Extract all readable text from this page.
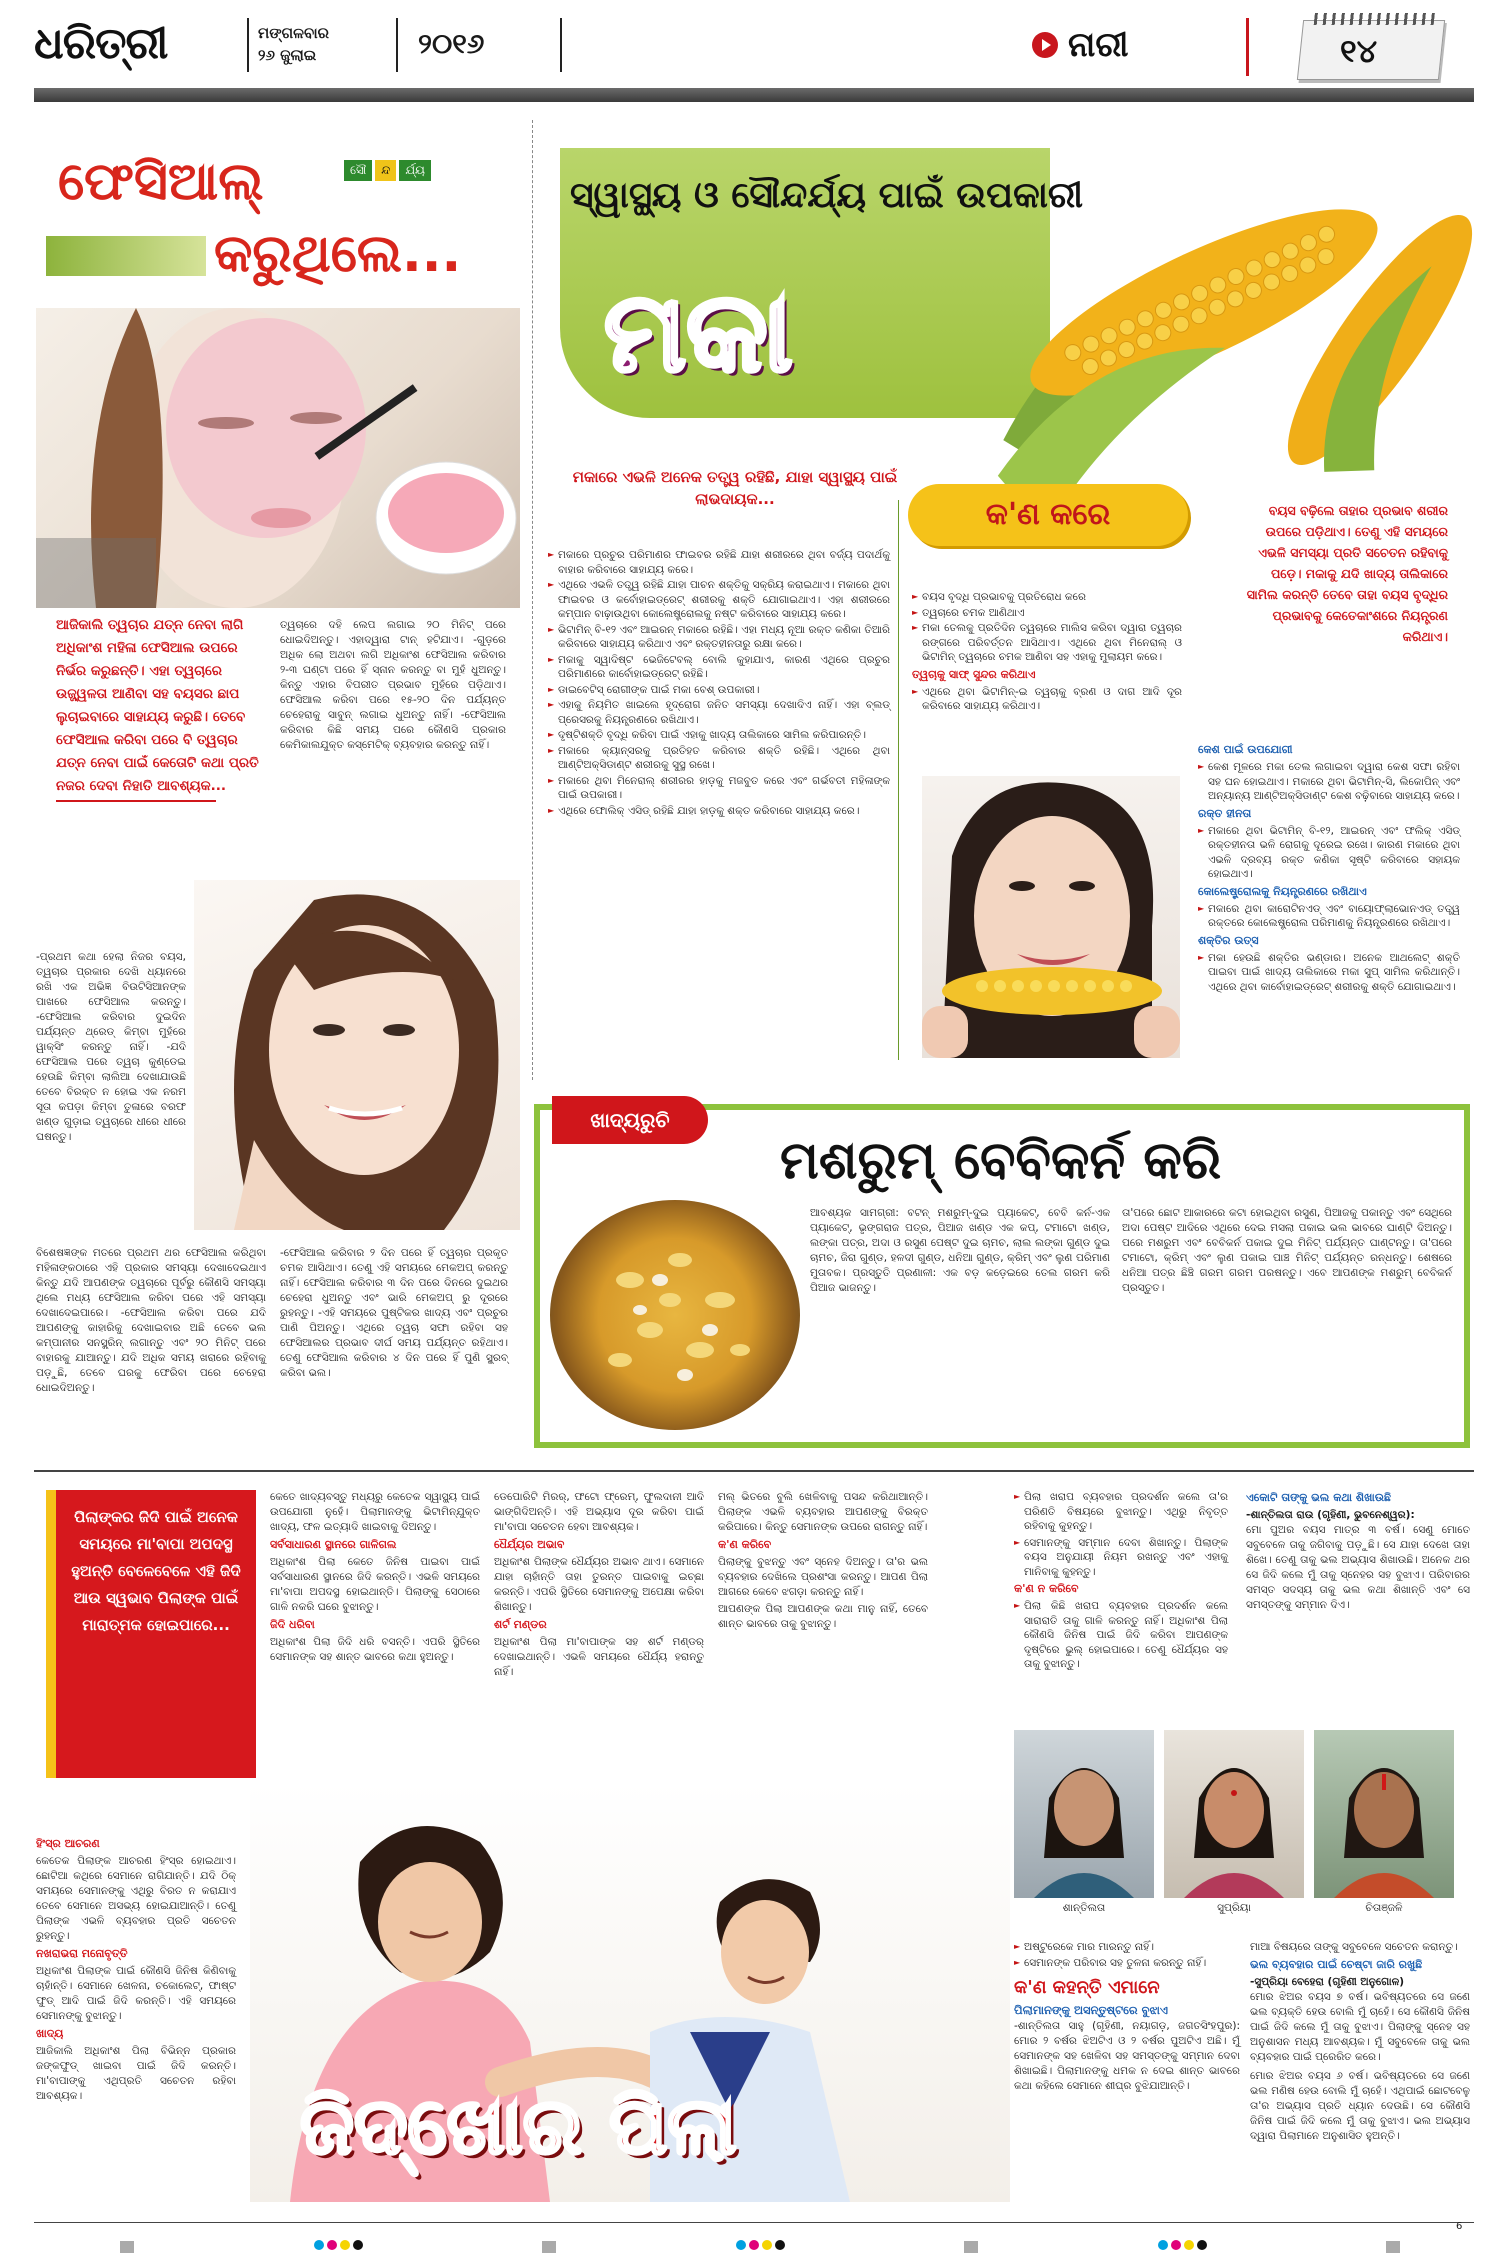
ଧରିତ୍ରୀ	ମଙ୍ଗଳବାର
୨୬ ଜୁଲାଇ	୨୦୧୬	ନାରୀ	୧୪
ଫେସିଆଲ୍	ସୌ	ନ୍ଦ	ର୍ଯ୍ୟ
କରୁଥିଲେ...

ଆଜିକାଲି ତ୍ୱଚାର ଯତ୍ନ ନେବା ଲାଗି ଅଧିକାଂଶ ମହିଳା ଫେସିଆଲ ଉପରେ ନିର୍ଭର କରୁଛନ୍ତି। ଏହା ତ୍ୱଚାରେ ଉଜ୍ଜ୍ୱଳତା ଆଣିବା ସହ ବୟସର ଛାପ ଲୁଚାଇବାରେ ସାହାଯ୍ୟ କରୁଛି। ତେବେ ଫେସିଆଲ କରିବା ପରେ ବି ତ୍ୱଚାର ଯତ୍ନ ନେବା ପାଇଁ କେତୋଟି କଥା ପ୍ରତି ନଜର ଦେବା ନିହାତି ଆବଶ୍ୟକ...

ତ୍ୱଚାରେ ଦହି ଲେପ ଲଗାଇ ୨୦ ମିନିଟ୍ ପରେ ଧୋଇଦିଅନ୍ତୁ। ଏହାଦ୍ୱାରା ଟାନ୍ ହଟିଯାଏ। -ଗୁଡ଼ରେ ଅଧିକ ଲୋ ଅଥବା ଲଗି ଅଧିକାଂଶ ଫେସିଆଲ କରିବାର ୨-୩ ଘଣ୍ଟା ପରେ ହିଁ ସ୍ନାନ କରନ୍ତୁ ବା ମୁହଁ ଧୁଅନ୍ତୁ। କିନ୍ତୁ ଏହାର ବିପରୀତ ପ୍ରଭାବ ମୁହଁରେ ପଡ଼ିଥାଏ। ଫେସିଆଲ କରିବା ପରେ ୧୫-୨୦ ଦିନ ପର୍ଯ୍ୟନ୍ତ ଚେହେରାକୁ ସାବୁନ୍ ଲଗାଇ ଧୁଅନ୍ତୁ ନାହିଁ। -ଫେସିଆଲ କରିବାର କିଛି ସମୟ ପରେ କୌଣସି ପ୍ରକାର କେମିକାଲଯୁକ୍ତ କସ୍ମେଟିକ୍ ବ୍ୟବହାର କରନ୍ତୁ ନାହିଁ।

-ପ୍ରଥମ କଥା ହେଲା ନିଜର ବୟସ, ତ୍ୱଚାର ପ୍ରକାର ଦେଖି ଧ୍ୟାନରେ ରଖି ଏକ ଅଭିଜ୍ଞ ବିଉଟିସିଆନଙ୍କ ପାଖରେ ଫେସିଆଲ କରନ୍ତୁ। -ଫେସିଆଲ କରିବାର ଦୁଇଦିନ ପର୍ଯ୍ୟନ୍ତ ଥ୍ରେଡ୍ କିମ୍ବା ମୁହଁରେ ୱାକ୍ସିଂ କରନ୍ତୁ ନାହିଁ। -ଯଦି ଫେସିଆଲ ପରେ ତ୍ୱଚା କୁଣ୍ଡେଇ ହେଉଛି କିମ୍ବା ଲାଲିଆ ଦେଖାଯାଉଛି ତେବେ ବିରକ୍ତ ନ ହୋଇ ଏକ ନରମ ସୂତା କପଡ଼ା କିମ୍ବା ତୁଳାରେ ବରଫ ଖଣ୍ଡ ଗୁଡ଼ାଇ ତ୍ୱଚାରେ ଧୀରେ ଧୀରେ ଘଷନ୍ତୁ।

ବିଶେଷଜ୍ଞଙ୍କ ମତରେ ପ୍ରଥମ ଥର ଫେସିଆଲ କରିଥିବା ମହିଳାଙ୍କଠାରେ ଏହି ପ୍ରକାର ସମସ୍ୟା ଦେଖାଦେଇଥାଏ କିନ୍ତୁ ଯଦି ଆପଣଙ୍କ ତ୍ୱଚାରେ ପୂର୍ବରୁ କୌଣସି ସମସ୍ୟା ଥିଲେ ମଧ୍ୟ ଫେସିଆଲ କରିବା ପରେ ଏହି ସମସ୍ୟା ଦେଖାଦେଇପାରେ। -ଫେସିଆଲ କରିବା ପରେ ଯଦି ଆପଣଙ୍କୁ କାହାରିକୁ ଦେଖାଇବାର ଅଛି ତେବେ ଭଲ କମ୍ପାନୀର ସନସ୍କ୍ରିନ୍ ଲଗାନ୍ତୁ ଏବଂ ୨୦ ମିନିଟ୍ ପରେ ବାହାରକୁ ଯାଆନ୍ତୁ। ଯଦି ଅଧିକ ସମୟ ଖରାରେ ରହିବାକୁ ପଡ଼ୁଛି, ତେବେ ଘରକୁ ଫେରିବା ପରେ ଚେହେରା ଧୋଇଦିଅନ୍ତୁ।

-ଫେସିଆଲ କରିବାର ୨ ଦିନ ପରେ ହିଁ ତ୍ୱଚାର ପ୍ରକୃତ ଚମକ ଆସିଥାଏ। ତେଣୁ ଏହି ସମୟରେ ମେକଅପ୍ କରନ୍ତୁ ନାହିଁ। ଫେସିଆଲ କରିବାର ୩ ଦିନ ପରେ ଦିନରେ ଦୁଇଥର ଚେହେରା ଧୁଅନ୍ତୁ ଏବଂ ଭାରି ମେକଅପ୍ ରୁ ଦୂରରେ ରୁହନ୍ତୁ। -ଏହି ସମୟରେ ପୁଷ୍ଟିକର ଖାଦ୍ୟ ଏବଂ ପ୍ରଚୁର ପାଣି ପିଅନ୍ତୁ। ଏଥିରେ ତ୍ୱଚା ସଫା ରହିବା ସହ ଫେସିଆଲର ପ୍ରଭାବ ଦୀର୍ଘ ସମୟ ପର୍ଯ୍ୟନ୍ତ ରହିଥାଏ। ତେଣୁ ଫେସିଆଲ କରିବାର ୪ ଦିନ ପରେ ହିଁ ପୁଣି ସ୍କ୍ରବ୍ କରିବା ଭଲ।

ସ୍ୱାସ୍ଥ୍ୟ ଓ ସୌନ୍ଦର୍ଯ୍ୟ ପାଇଁ ଉପକାରୀ
ମକା
ମକାରେ ଏଭଳି ଅନେକ ତତ୍ତ୍ୱ ରହିଛି, ଯାହା ସ୍ୱାସ୍ଥ୍ୟ ପାଇଁ ଲାଭଦାୟକ...	କ'ଣ କରେ	ବୟସ ବଢ଼ିଲେ ତାହାର ପ୍ରଭାବ ଶରୀର ଉପରେ ପଡ଼ିଥାଏ। ତେଣୁ ଏହି ସମୟରେ ଏଭଳି ସମସ୍ୟା ପ୍ରତି ସଚେତନ ରହିବାକୁ ପଡ଼େ। ମକାକୁ ଯଦି ଖାଦ୍ୟ ତାଲିକାରେ ସାମିଲ କରନ୍ତି ତେବେ ତାହା ବୟସ ବୃଦ୍ଧିର ପ୍ରଭାବକୁ କେତେକାଂଶରେ ନିୟନ୍ତ୍ରଣ କରିଥାଏ।

► ମକାରେ ପ୍ରଚୁର ପରିମାଣର ଫାଇବର ରହିଛି ଯାହା ଶରୀରରେ ଥିବା ବର୍ଜ୍ୟ ପଦାର୍ଥକୁ ବାହାର କରିବାରେ ସାହାଯ୍ୟ କରେ।

► ଏଥିରେ ଏଭଳି ତତ୍ତ୍ୱ ରହିଛି ଯାହା ପାଚନ ଶକ୍ତିକୁ ସକ୍ରିୟ କରାଇଥାଏ। ମକାରେ ଥିବା ଫାଇବର ଓ କର୍ବୋହାଇଡ୍ରେଟ୍ ଶରୀରକୁ ଶକ୍ତି ଯୋଗାଇଥାଏ। ଏହା ଶରୀରରେ କମ୍ପାନ ବାଢ଼ାଉଥିବା କୋଲେଷ୍ଟ୍ରୋଲକୁ ନଷ୍ଟ କରିବାରେ ସାହାଯ୍ୟ କରେ।

► ଭିଟାମିନ୍ ବି-୧୨ ଏବଂ ଆଇରନ୍ ମକାରେ ରହିଛି। ଏହା ମଧ୍ୟ ନୂଆ ରକ୍ତ କଣିକା ତିଆରି କରିବାରେ ସାହାଯ୍ୟ କରିଥାଏ ଏବଂ ରକ୍ତହୀନତାରୁ ରକ୍ଷା କରେ।

► ମକାକୁ ସ୍ୱାଦିଷ୍ଟ ଭେଜିଟେବଲ୍ ବୋଲି କୁହାଯାଏ, କାରଣ ଏଥିରେ ପ୍ରଚୁର ପରିମାଣରେ କାର୍ବୋହାଇଡ୍ରେଟ୍ ରହିଛି।

► ଡାଇବେଟିସ୍ ରୋଗୀଙ୍କ ପାଇଁ ମକା ବେଶ୍ ଉପକାରୀ।

► ଏହାକୁ ନିୟମିତ ଖାଇଲେ ହୃଦ୍‌ରୋଗ ଜନିତ ସମସ୍ୟା ଦେଖାଦିଏ ନାହିଁ। ଏହା ବ୍ଲଡ୍ ପ୍ରେସରକୁ ନିୟନ୍ତ୍ରଣରେ ରଖିଥାଏ।

► ଦୃଷ୍ଟିଶକ୍ତି ବୃଦ୍ଧି କରିବା ପାଇଁ ଏହାକୁ ଖାଦ୍ୟ ତାଲିକାରେ ସାମିଲ କରିପାରନ୍ତି।

► ମକାରେ କ୍ୟାନ୍ସରକୁ ପ୍ରତିହତ କରିବାର ଶକ୍ତି ରହିଛି। ଏଥିରେ ଥିବା ଆଣ୍ଟିଅକ୍ସିଡାଣ୍ଟ ଶରୀରକୁ ସୁସ୍ଥ ରଖେ।

► ମକାରେ ଥିବା ମିନେରାଲ୍ ଶରୀରର ହାଡ଼କୁ ମଜବୁତ କରେ ଏବଂ ଗର୍ଭବତୀ ମହିଳାଙ୍କ ପାଇଁ ଉପକାରୀ।

► ଏଥିରେ ଫୋଲିକ୍ ଏସିଡ୍ ରହିଛି ଯାହା ହାଡ଼କୁ ଶକ୍ତ କରିବାରେ ସାହାଯ୍ୟ କରେ।

► ବୟସ ବୃଦ୍ଧି ପ୍ରଭାବକୁ ପ୍ରତିରୋଧ କରେ

► ତ୍ୱଚାରେ ଚମକ ଆଣିଥାଏ

► ମକା ତେଲକୁ ପ୍ରତିଦିନ ତ୍ୱଚାରେ ମାଲିସ କରିବା ଦ୍ୱାରା ତ୍ୱଚାର ରଙ୍ଗରେ ପରିବର୍ତ୍ତନ ଆସିଥାଏ। ଏଥିରେ ଥିବା ମିନେରାଲ୍ ଓ ଭିଟାମିନ୍ ତ୍ୱଚାରେ ଚମକ ଆଣିବା ସହ ଏହାକୁ ମୁଲାୟମ କରେ।

ତ୍ୱଚାକୁ ସାଫ୍ ସୁନ୍ଦର କରିଥାଏ

► ଏଥିରେ ଥିବା ଭିଟାମିନ୍-ଇ ତ୍ୱଚାକୁ ବ୍ରଣ ଓ ଦାଗ ଆଦି ଦୂର କରିବାରେ ସାହାଯ୍ୟ କରିଥାଏ।

କେଶ ପାଇଁ ଉପଯୋଗୀ

► କେଶ ମୂଳରେ ମକା ତେଲ ଲଗାଇବା ଦ୍ୱାରା କେଶ ସଫା ରହିବା ସହ ଘନ ହୋଇଥାଏ। ମକାରେ ଥିବା ଭିଟାମିନ୍-ସି, ଲିକୋପିନ୍ ଏବଂ ଅନ୍ୟାନ୍ୟ ଆଣ୍ଟିଅକ୍ସିଡାଣ୍ଟ କେଶ ବଢ଼ିବାରେ ସାହାଯ୍ୟ କରେ।

ରକ୍ତ ହୀନତା

► ମକାରେ ଥିବା ଭିଟାମିନ୍ ବି-୧୨, ଆଇରନ୍ ଏବଂ ଫଲିକ୍ ଏସିଡ୍ ରକ୍ତହୀନତା ଭଳି ରୋଗକୁ ଦୂରେଇ ରଖେ। କାରଣ ମକାରେ ଥିବା ଏଭଳି ଦ୍ରବ୍ୟ ରକ୍ତ କଣିକା ସୃଷ୍ଟି କରିବାରେ ସହାୟକ ହୋଇଥାଏ।

କୋଲେଷ୍ଟ୍ରୋଲକୁ ନିୟନ୍ତ୍ରଣରେ ରଖିଥାଏ

► ମକାରେ ଥିବା କାରୋଟିନଏଡ୍ ଏବଂ ବାୟୋଫ୍ଲାଭୋନଏଡ୍ ତତ୍ତ୍ୱ ରକ୍ତରେ କୋଲେଷ୍ଟ୍ରୋଲ ପରିମାଣକୁ ନିୟନ୍ତ୍ରଣରେ ରଖିଥାଏ।

ଶକ୍ତିର ଉତ୍ସ

► ମକା ହେଉଛି ଶକ୍ତିର ଭଣ୍ଡାର। ଅନେକ ଆଥଲେଟ୍ ଶକ୍ତି ପାଇବା ପାଇଁ ଖାଦ୍ୟ ତାଲିକାରେ ମକା ସୁପ୍ ସାମିଲ କରିଥାନ୍ତି। ଏଥିରେ ଥିବା କାର୍ବୋହାଇଡ୍ରେଟ୍ ଶରୀରକୁ ଶକ୍ତି ଯୋଗାଇଥାଏ।

ଖାଦ୍ୟରୁଚି
ମଶରୁମ୍ ବେବିକର୍ନ କରି

ଆବଶ୍ୟକ ସାମଗ୍ରୀ: ବଟନ୍ ମଶରୁମ୍-ଦୁଇ ପ୍ୟାକେଟ୍, ବେବି କର୍ନ-ଏକ ପ୍ୟାକେଟ୍, ଭୃଙ୍ଗରାଜ ପତ୍ର, ପିଆଜ ଖଣ୍ଡ ଏକ କପ୍, ଟମାଟୋ ଖଣ୍ଡ, ଲଙ୍କା ପତ୍ର, ଅଦା ଓ ରସୁଣ ପେଷ୍ଟ ଦୁଇ ଚାମଚ, ଲାଲ ଲଙ୍କା ଗୁଣ୍ଡ ଦୁଇ ଚାମଚ, ଜିରା ଗୁଣ୍ଡ, ହଳଦୀ ଗୁଣ୍ଡ, ଧନିଆ ଗୁଣ୍ଡ, କ୍ରିମ୍ ଏବଂ ଲୁଣ ପରିମାଣ ମୁତାବକ। ପ୍ରସ୍ତୁତି ପ୍ରଣାଳୀ: ଏକ ବଡ଼ କଡ଼େଇରେ ତେଲ ଗରମ କରି ପିଆଜ ଭାଜନ୍ତୁ।

ତା'ପରେ ଛୋଟ ଆକାରରେ କଟା ହୋଇଥିବା ରସୁଣ, ପିଆଜକୁ ପକାନ୍ତୁ ଏବଂ ସେଥିରେ ଅଦା ପେଷ୍ଟ ଆଦିରେ ଏଥିରେ ଦେଇ ମସଲା ପକାଇ ଭଲ ଭାବରେ ଘାଣ୍ଟି ଦିଅନ୍ତୁ। ପରେ ମଶରୁମ ଏବଂ ବେବିକର୍ନ ପକାଇ ଦୁଇ ମିନିଟ୍ ପର୍ଯ୍ୟନ୍ତ ଘାଣ୍ଟନ୍ତୁ। ତା'ପରେ ଟମାଟୋ, କ୍ରିମ୍ ଏବଂ ଲୁଣ ପକାଇ ପାଞ୍ଚ ମିନିଟ୍ ପର୍ଯ୍ୟନ୍ତ ରନ୍ଧନ୍ତୁ। ଶେଷରେ ଧନିଆ ପତ୍ର ଛିଞ୍ଚି ଗରମ ଗରମ ପରଷନ୍ତୁ। ଏବେ ଆପଣଙ୍କ ମଶରୁମ୍ ବେବିକର୍ନ ପ୍ରସ୍ତୁତ।

ପିଲାଙ୍କର ଜିଦି ପାଇଁ ଅନେକ ସମୟରେ ମା'ବାପା ଅପଦସ୍ଥ ହୁଅନ୍ତି ବେଳେବେଳେ ଏହି ଜିଦି ଆଉ ସ୍ୱଭାବ ପିଲାଙ୍କ ପାଇଁ ମାରାତ୍ମକ ହୋଇପାରେ...

କେତେ ଖାଦ୍ୟବସ୍ତୁ ମଧ୍ୟରୁ କେତେକ ସ୍ୱାସ୍ଥ୍ୟ ପାଇଁ ଉପଯୋଗୀ ନୁହେଁ। ପିଲାମାନଙ୍କୁ ଭିଟାମିନ୍‌ଯୁକ୍ତ ଖାଦ୍ୟ, ଫଳ ଇତ୍ୟାଦି ଖାଇବାକୁ ଦିଅନ୍ତୁ।

ସର୍ବସାଧାରଣ ସ୍ଥାନରେ ଗାଳିଗଲ

ଅଧିକାଂଶ ପିଲା କେତେ ଜିନିଷ ପାଇବା ପାଇଁ ସର୍ବସାଧାରଣ ସ୍ଥାନରେ ଜିଦି କରନ୍ତି। ଏଭଳି ସମୟରେ ମା'ବାପା ଅପଦସ୍ଥ ହୋଇଥାନ୍ତି। ପିଲାଙ୍କୁ ସେଠାରେ ଗାଳି ନକରି ଘରେ ବୁଝାନ୍ତୁ।

ଜିଦି ଧରିବା

ଅଧିକାଂଶ ପିଲା ଜିଦି ଧରି ବସନ୍ତି। ଏପରି ସ୍ଥିତିରେ ସେମାନଙ୍କ ସହ ଶାନ୍ତ ଭାବରେ କଥା ହୁଅନ୍ତୁ।

ଡେପୋରିଟି ମିରର୍, ଫଟୋ ଫ୍ରେମ୍, ଫୁଲଦାନୀ ଆଦି ଭାଙ୍ଗିଦିଅନ୍ତି। ଏହି ଅଭ୍ୟାସ ଦୂର କରିବା ପାଇଁ ମା'ବାପା ସଚେତନ ହେବା ଆବଶ୍ୟକ।

ଧୈର୍ଯ୍ୟର ଅଭାବ

ଅଧିକାଂଶ ପିଲାଙ୍କ ଧୈର୍ଯ୍ୟର ଅଭାବ ଥାଏ। ସେମାନେ ଯାହା ଚାହାଁନ୍ତି ତାହା ତୁରନ୍ତ ପାଇବାକୁ ଇଚ୍ଛା କରନ୍ତି। ଏପରି ସ୍ଥିତିରେ ସେମାନଙ୍କୁ ଅପେକ୍ଷା କରିବା ଶିଖାନ୍ତୁ।

ଶର୍ଟ ମଣ୍ଡର

ଅଧିକାଂଶ ପିଲା ମା'ବାପାଙ୍କ ସହ ଶର୍ଟ ମଣ୍ଡର୍ ଦେଖାଇଥାନ୍ତି। ଏଭଳି ସମୟରେ ଧୈର୍ଯ୍ୟ ହରାନ୍ତୁ ନାହିଁ।

ମଲ୍ ଭିତରେ ବୁଲି ଖେଳିବାକୁ ପସନ୍ଦ କରିଥାଆନ୍ତି। ପିଲାଙ୍କ ଏଭଳି ବ୍ୟବହାର ଆପଣଙ୍କୁ ବିରକ୍ତ କରିପାରେ। କିନ୍ତୁ ସେମାନଙ୍କ ଉପରେ ରାଗନ୍ତୁ ନାହିଁ।

କ'ଣ କରିବେ

ପିଲାଙ୍କୁ ବୁଝନ୍ତୁ ଏବଂ ସ୍ନେହ ଦିଅନ୍ତୁ। ତା'ର ଭଲ ବ୍ୟବହାର ଦେଖିଲେ ପ୍ରଶଂସା କରନ୍ତୁ। ଆପଣ ପିଲା ଆଗରେ କେବେ ଝଗଡ଼ା କରନ୍ତୁ ନାହିଁ।

ଆପଣଙ୍କ ପିଲା ଆପଣଙ୍କ କଥା ମାନୁ ନାହିଁ, ତେବେ ଶାନ୍ତ ଭାବରେ ତାକୁ ବୁଝାନ୍ତୁ।

► ପିଲା ଖରାପ ବ୍ୟବହାର ପ୍ରଦର୍ଶନ କଲେ ତା'ର ପରିଣତି ବିଷୟରେ ବୁଝାନ୍ତୁ। ଏଥିରୁ ନିବୃତ୍ତ ରହିବାକୁ କୁହନ୍ତୁ।

► ସେମାନଙ୍କୁ ସମ୍ମାନ ଦେବା ଶିଖାନ୍ତୁ। ପିଲାଙ୍କ ବୟସ ଅନୁଯାୟୀ ନିୟମ ରଖନ୍ତୁ ଏବଂ ଏହାକୁ ମାନିବାକୁ କୁହନ୍ତୁ।

କ'ଣ ନ କରିବେ

► ପିଲା କିଛି ଖରାପ ବ୍ୟବହାର ପ୍ରଦର୍ଶନ କଲେ ସାରାରାତି ତାକୁ ଗାଳି କରନ୍ତୁ ନାହିଁ। ଅଧିକାଂଶ ପିଲା କୌଣସି ଜିନିଷ ପାଇଁ ଜିଦି କରିବା ଆପଣଙ୍କ ଦୃଷ୍ଟିରେ ଭୁଲ୍ ହୋଇପାରେ। ତେଣୁ ଧୈର୍ଯ୍ୟର ସହ ତାକୁ ବୁଝାନ୍ତୁ।

ଏକୋଟି ତାଙ୍କୁ ଭଲ କଥା ଶିଖାଉଛି
-ଶାନ୍ତିଲତା ରାଉ (ଗୃହିଣୀ, ଭୁବନେଶ୍ୱର):

ମୋ ପୁଅର ବୟସ ମାତ୍ର ୩ ବର୍ଷ। ସେଣୁ ମୋତେ ସବୁବେଳେ ତାକୁ ଜଗିବାକୁ ପଡ଼ୁଛି। ସେ ଯାହା ଦେଖେ ତାହା ଶିଖେ। ତେଣୁ ତାକୁ ଭଲ ଅଭ୍ୟାସ ଶିଖାଉଛି। ଅନେକ ଥର ସେ ଜିଦି କଲେ ମୁଁ ତାକୁ ସ୍ନେହର ସହ ବୁଝାଏ। ପରିବାରର ସମସ୍ତ ସଦସ୍ୟ ତାକୁ ଭଲ କଥା ଶିଖାନ୍ତି ଏବଂ ସେ ସମସ୍ତଙ୍କୁ ସମ୍ମାନ ଦିଏ।

ଜିଦ୍‌ଖୋର ପିଲା
ହିଂସ୍ର ଆଚରଣ

କେତେକ ପିଲାଙ୍କ ଆଚରଣ ହିଂସ୍ର ହୋଇଥାଏ। ଛୋଟିଆ କଥିରେ ସେମାନେ ରାଗିଯାନ୍ତି। ଯଦି ଠିକ୍ ସମୟରେ ସେମାନଙ୍କୁ ଏଥିରୁ ବିରତ ନ କରାଯାଏ ତେବେ ସେମାନେ ଅସଭ୍ୟ ହୋଇଯାଆନ୍ତି। ତେଣୁ ପିଲାଙ୍କ ଏଭଳି ବ୍ୟବହାର ପ୍ରତି ସଚେତନ ରୁହନ୍ତୁ।

ନଖରାଭରା ମନୋବୃତ୍ତି

ଅଧିକାଂଶ ପିଲାଙ୍କ ପାଇଁ କୌଣସି ଜିନିଷ କିଣିବାକୁ ଚାହାଁନ୍ତି। ସେମାନେ ଖେଳନା, ଚକୋଲେଟ୍, ଫାଷ୍ଟ ଫୁଡ୍ ଆଦି ପାଇଁ ଜିଦି କରନ୍ତି। ଏହି ସମୟରେ ସେମାନଙ୍କୁ ବୁଝାନ୍ତୁ।

ଖାଦ୍ୟ

ଆଜିକାଲି ଅଧିକାଂଶ ପିଲା ବିଭିନ୍ନ ପ୍ରକାର ଜଙ୍କଫୁଡ୍ ଖାଇବା ପାଇଁ ଜିଦି କରନ୍ତି। ମା'ବାପାଙ୍କୁ ଏଥିପ୍ରତି ସଚେତନ ରହିବା ଆବଶ୍ୟକ।

ଶାନ୍ତିଲତା	ସୁପ୍ରିୟା	ଚିତାଞ୍ଜଳି

► ଅଷ୍ଟୁରେକେ ମାର ମାରନ୍ତୁ ନାହିଁ।

► ସେମାନଙ୍କ ପରିବାର ସହ ତୁଳନା କରନ୍ତୁ ନାହିଁ।

କ'ଣ କହନ୍ତି ଏମାନେ
ପିଲାମାନଙ୍କୁ ଅସନ୍ତୁଷ୍ଟରେ ବୁଝାଏ

-ଶାନ୍ତିଲତା ସାହୁ (ଗୃହିଣୀ, ନୟାଗଡ଼, ଜଗତସିଂହପୁର): ମୋର ୨ ବର୍ଷର ଝିଅଟିଏ ଓ ୨ ବର୍ଷର ପୁଅଟିଏ ଅଛି। ମୁଁ ସେମାନଙ୍କ ସହ ଖେଳିବା ସହ ସମସ୍ତଙ୍କୁ ସମ୍ମାନ ଦେବା ଶିଖାଇଛି। ପିଲାମାନଙ୍କୁ ଧମକ ନ ଦେଇ ଶାନ୍ତ ଭାବରେ କଥା କହିଲେ ସେମାନେ ଶୀଘ୍ର ବୁଝିଯାଆନ୍ତି।

ମାଆ ବିଷୟରେ ତାଙ୍କୁ ସବୁବେଳେ ସଚେତନ କରାନ୍ତୁ।

ଭଲ ବ୍ୟବହାର ପାଇଁ ଚେଷ୍ଟା ଜାରି ରଖୁଛି
-ସୁପ୍ରିୟା ବେହେରା (ଗୃହିଣୀ ଅନୁଗୋଳ)

ମୋର ଝିଅର ବୟସ ୭ ବର୍ଷ। ଭବିଷ୍ୟତରେ ସେ ଜଣେ ଭଲ ବ୍ୟକ୍ତି ହେଉ ବୋଲି ମୁଁ ଚାହେଁ। ସେ କୌଣସି ଜିନିଷ ପାଇଁ ଜିଦି କଲେ ମୁଁ ତାକୁ ବୁଝାଏ। ପିଲାଙ୍କୁ ସ୍ନେହ ସହ ଅନୁଶାସନ ମଧ୍ୟ ଆବଶ୍ୟକ। ମୁଁ ସବୁବେଳେ ତାକୁ ଭଲ ବ୍ୟବହାର ପାଇଁ ପ୍ରେରିତ କରେ।

ମୋର ଝିଅର ବୟସ ୬ ବର୍ଷ। ଭବିଷ୍ୟତରେ ସେ ଜଣେ ଭଲ ମଣିଷ ହେଉ ବୋଲି ମୁଁ ଚାହେଁ। ଏଥିପାଇଁ ଛୋଟବେଳୁ ତା'ର ଅଭ୍ୟାସ ପ୍ରତି ଧ୍ୟାନ ଦେଉଛି। ସେ କୌଣସି ଜିନିଷ ପାଇଁ ଜିଦି କଲେ ମୁଁ ତାକୁ ବୁଝାଏ। ଭଲ ଅଭ୍ୟାସ ଦ୍ୱାରା ପିଲାମାନେ ଅନୁଶାସିତ ହୁଅନ୍ତି।

6
